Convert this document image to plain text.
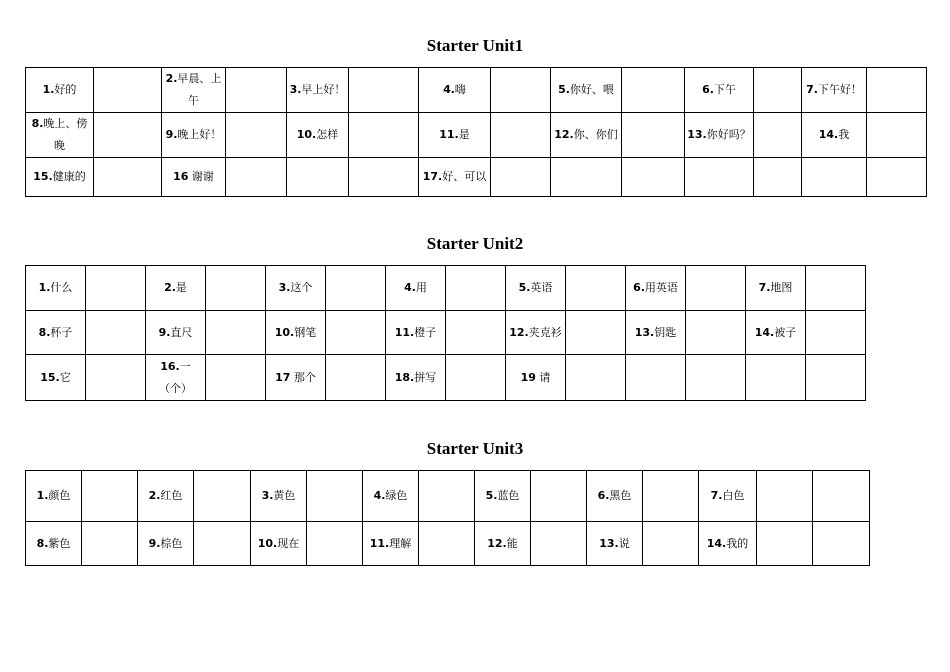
Starter Unit1
1.好的		2.早晨、上午		3.早上好！		4.嗨		5.你好、喂		6.下午		7.下午好！	
8.晚上、傍晚		9.晚上好！		10.怎样		11.是		12.你、你们		13.你好吗？		14.我	
15.健康的		16 谢谢				17.好、可以							
Starter Unit2
1.什么		2.是		3.这个		4.用		5.英语		6.用英语		7.地图	
8.杯子		9.直尺		10.钢笔		11.橙子		12.夹克衫		13.钥匙		14.被子	
15.它		16.一（个）		17 那个		18.拼写		19 请					
Starter Unit3
1.颜色		2.红色		3.黄色		4.绿色		5.蓝色		6.黑色		7.白色		
8.紫色		9.棕色		10.现在		11.理解		12.能		13.说		14.我的		
